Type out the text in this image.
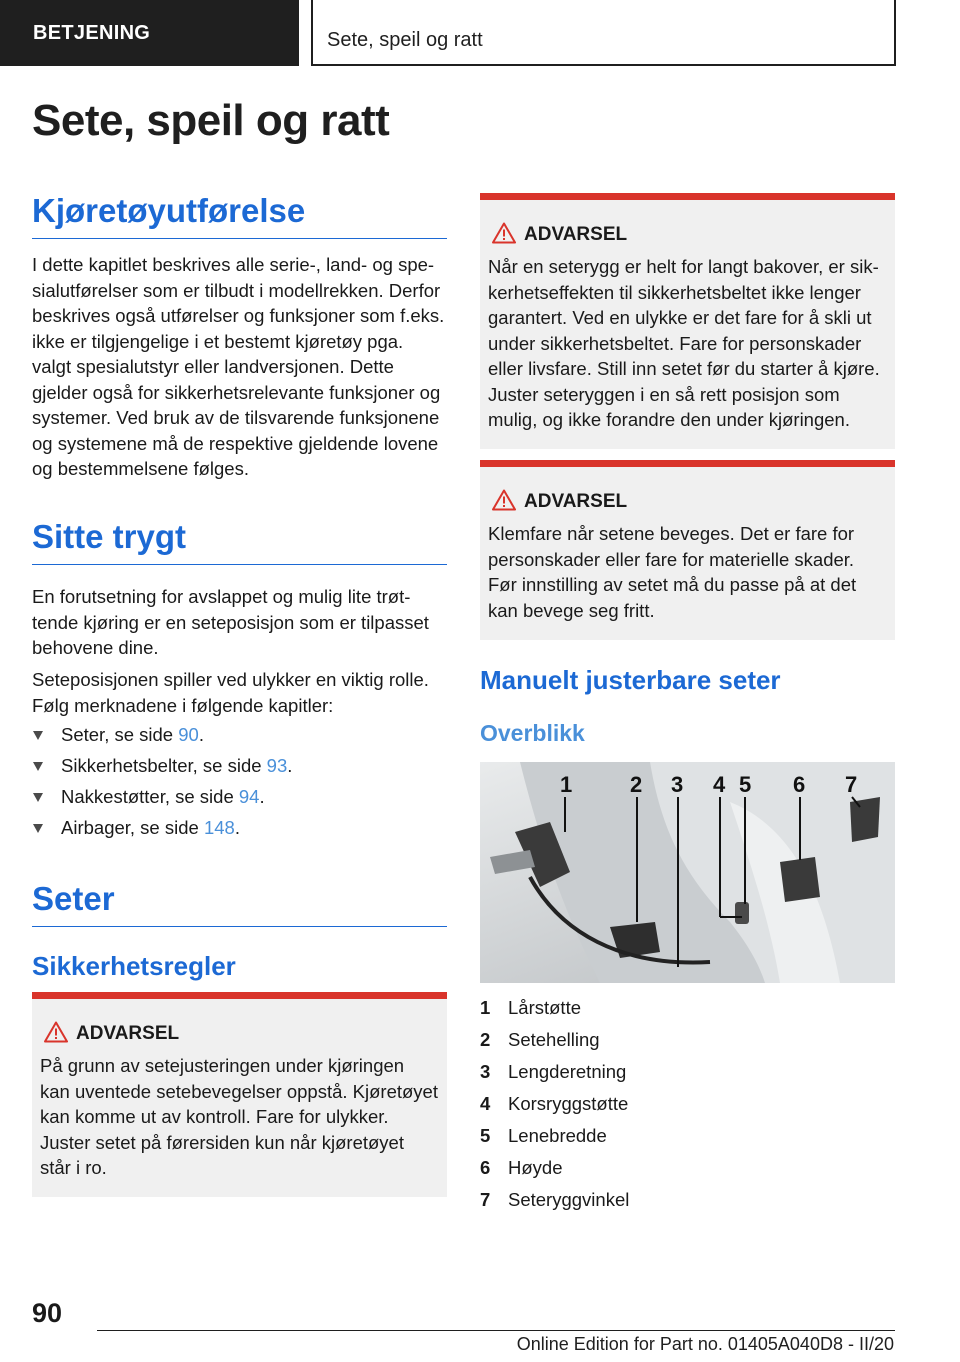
BETJENING	Sete, speil og ratt
Sete, speil og ratt
Kjøretøyutførelse

I dette kapitlet beskrives alle serie-, land- og spesialutførelser som er tilbudt i modellrekken. Derfor beskrives også utførelser og funksjoner som f.eks. ikke er tilgjengelige i et bestemt kjøretøy pga. valgt spesialutstyr eller landversjonen. Dette gjelder også for sikkerhetsrelevante funksjoner og systemer. Ved bruk av de tilsvarende funksjonene og systemene må de respektive gjeldende lovene og bestemmelsene følges.

Sitte trygt

En forutsetning for avslappet og mulig lite trøttende kjøring er en seteposisjon som er tilpasset behovene dine.

Seteposisjonen spiller ved ulykker en viktig rolle. Følg merknadene i følgende kapitler:

Seter, se side 90.
Sikkerhetsbelter, se side 93.
Nakkestøtter, se side 94.
Airbager, se side 148.
Seter
Sikkerhetsregler
ADVARSEL
På grunn av setejusteringen under kjøringen kan uventede setebevegelser oppstå. Kjøretøyet kan komme ut av kontroll. Fare for ulykker. Juster setet på førersiden kun når kjøretøyet står i ro.
ADVARSEL
Når en seterygg er helt for langt bakover, er sikkerhetseffekten til sikkerhetsbeltet ikke lenger garantert. Ved en ulykke er det fare for å skli ut under sikkerhetsbeltet. Fare for personskader eller livsfare. Still inn setet før du starter å kjøre. Juster seteryggen i en så rett posisjon som mulig, og ikke forandre den under kjøringen.
ADVARSEL
Klemfare når setene beveges. Det er fare for personskader eller fare for materielle skader. Før innstilling av setet må du passe på at det kan bevege seg fritt.
Manuelt justerbare seter
Overblikk
1	2 3 4 5 6 7
1 Lårstøtte
2 Setehelling
3 Lengderetning
4 Korsryggstøtte
5 Lenebredde
6 Høyde
7 Seteryggvinkel
90
Online Edition for Part no. 01405A040D8 - II/20
